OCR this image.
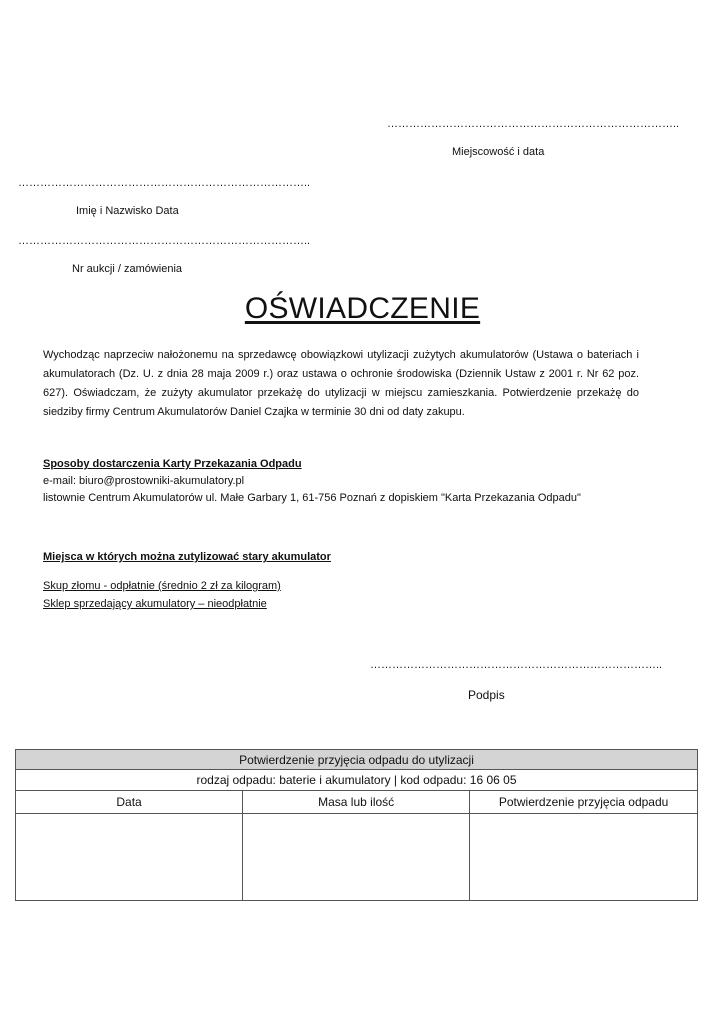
……………………………………………………………………..
Miejscowość i data
……………………………………………………………………..
Imię i Nazwisko Data
……………………………………………………………………..
Nr aukcji / zamówienia
OŚWIADCZENIE
Wychodząc naprzeciw nałożonemu na sprzedawcę obowiązkowi utylizacji zużytych akumulatorów (Ustawa o bateriach i akumulatorach (Dz. U. z dnia 28 maja 2009 r.) oraz ustawa o ochronie środowiska (Dziennik Ustaw z 2001 r. Nr 62 poz. 627). Oświadczam, że zużyty akumulator przekażę do utylizacji w miejscu zamieszkania. Potwierdzenie przekażę do siedziby firmy Centrum Akumulatorów Daniel Czajka w terminie 30 dni od daty zakupu.
Sposoby dostarczenia Karty Przekazania Odpadu
e-mail: biuro@prostowniki-akumulatory.pl
listownie Centrum Akumulatorów ul. Małe Garbary 1, 61-756 Poznań z dopiskiem "Karta Przekazania Odpadu"
Miejsca w których można zutylizować stary akumulator
Skup złomu - odpłatnie (średnio 2 zł za kilogram)
Sklep sprzedający akumulatory – nieodpłatnie
……………………………………………………………………..
Podpis
Potwierdzenie przyjęcia odpadu do utylizacji		
rodzaj odpadu: baterie i akumulatory | kod odpadu: 16 06 05		
Data	Masa lub ilość	Potwierdzenie przyjęcia odpadu
